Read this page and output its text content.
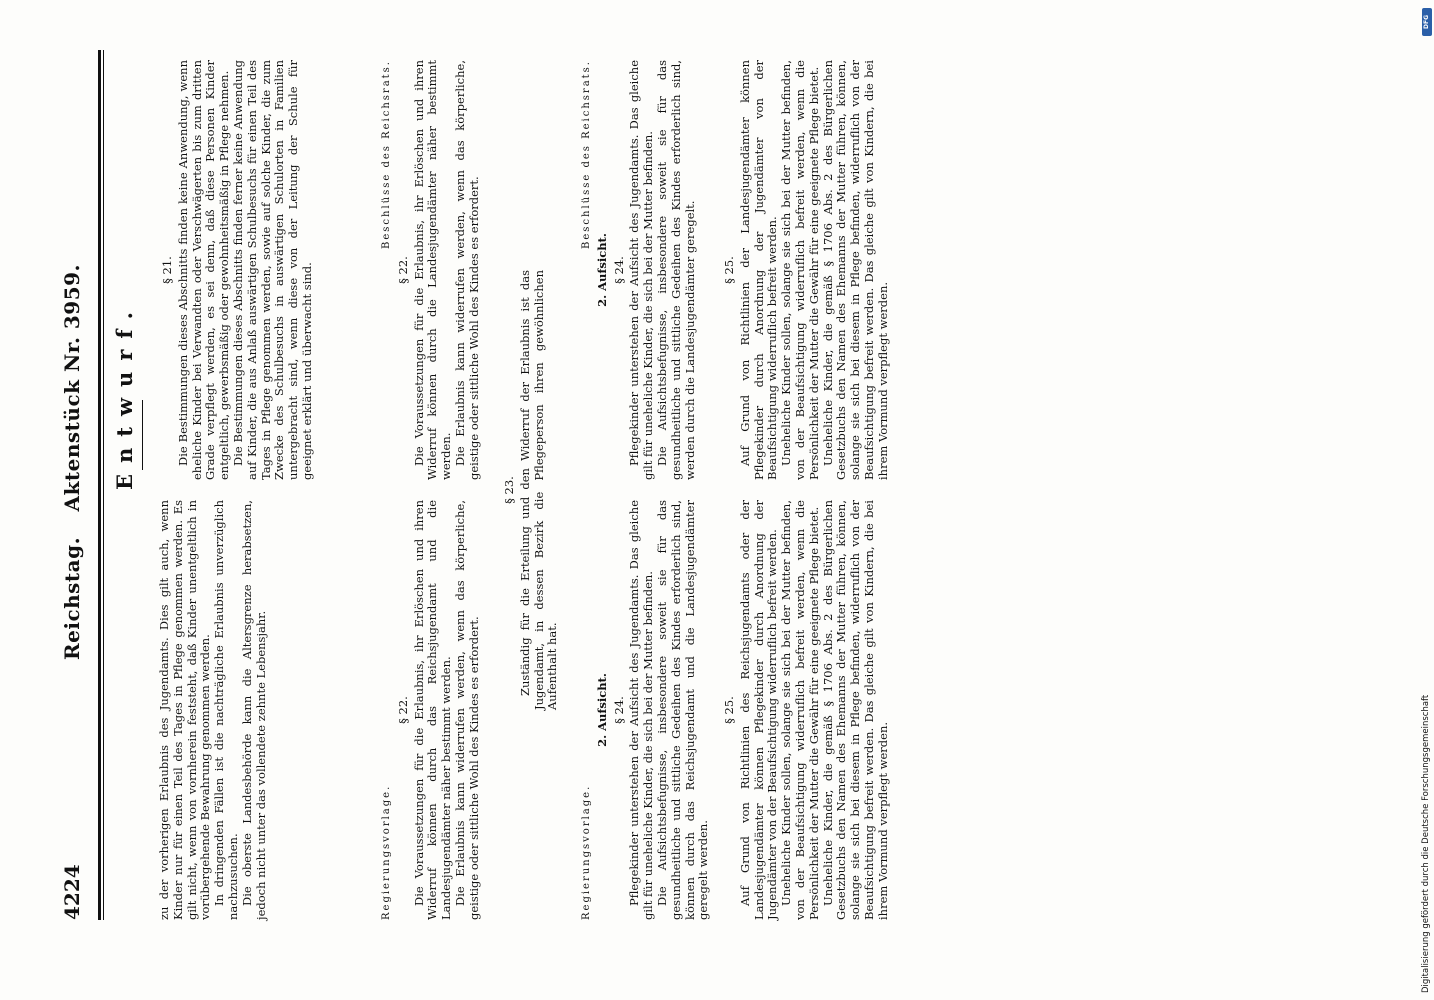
4224
Reichstag. Aktenstück Nr. 3959. Entwurf.

zu der vorherigen Erlaubnis des Jugendamts. Dies gilt auch, wenn Kinder nur für einen Teil des Tages in Pflege genommen werden. Es gilt nicht, wenn von vornherein feststeht, daß Kinder unentgeltlich in vorübergehende Bewahrung genommen werden. In dringenden Fällen ist die nachträgliche Erlaubnis unverzüglich nachzusuchen. Die oberste Landesbehörde kann die Altersgrenze herabsetzen, jedoch nicht unter das vollendete zehnte Lebensjahr.

§ 21. Die Bestimmungen dieses Abschnitts finden keine Anwendung, wenn eheliche Kinder bei Verwandten oder Verschwägerten bis zum dritten Grade verpflegt werden, es sei denn, daß diese Personen Kinder entgeltlich, gewerbsmäßig oder gewohnheitsmäßig in Pflege nehmen. Die Bestimmungen dieses Abschnitts finden ferner keine Anwendung auf Kinder, die aus Anlaß auswärtigen Schulbesuchs für einen Teil des Tages in Pflege genommen werden, sowie auf solche Kinder, die zum Zwecke des Schulbesuchs in auswärtigen Schulorten in Familien untergebracht sind, wenn diese von der Leitung der Schule für geeignet erklärt und überwacht sind.

Regierungsvorlage.
§ 22. Die Voraussetzungen für die Erlaubnis, ihr Erlöschen und ihren Widerruf können durch das Reichsjugendamt und die Landesjugendämter näher bestimmt werden. Die Erlaubnis kann widerrufen werden, wenn das körperliche, geistige oder sittliche Wohl des Kindes es erfordert.

Beschlüsse des Reichsrats.
§ 22. Die Voraussetzungen für die Erlaubnis, ihr Erlöschen und ihren Widerruf können durch die Landesjugendämter näher bestimmt werden. Die Erlaubnis kann widerrufen werden, wenn das körperliche, geistige oder sittliche Wohl des Kindes es erfordert.

§ 23. Zuständig für die Erteilung und den Widerruf der Erlaubnis ist das Jugendamt, in dessen Bezirk die Pflegeperson ihren gewöhnlichen Aufenthalt hat.

Regierungsvorlage.
2. Aufsicht. § 24. Pflegekinder unterstehen der Aufsicht des Jugendamts. Das gleiche gilt für uneheliche Kinder, die sich bei der Mutter befinden. Die Aufsichtsbefugnisse, insbesondere soweit sie für das gesundheitliche und sittliche Gedeihen des Kindes erforderlich sind, können durch das Reichsjugendamt und die Landesjugendämter geregelt werden.

Beschlüsse des Reichsrats.
2. Aufsicht. § 24. Pflegekinder unterstehen der Aufsicht des Jugendamts. Das gleiche gilt für uneheliche Kinder, die sich bei der Mutter befinden. Die Aufsichtsbefugnisse, insbesondere soweit sie für das gesundheitliche und sittliche Gedeihen des Kindes erforderlich sind, werden durch die Landesjugendämter geregelt.

§ 25. Auf Grund von Richtlinien des Reichsjugendamts oder der Landesjugendämter können Pflegekinder durch Anordnung der Jugendämter von der Beaufsichtigung widerruflich befreit werden. Uneheliche Kinder sollen, solange sie sich bei der Mutter befinden, von der Beaufsichtigung widerruflich befreit werden, wenn die Persönlichkeit der Mutter die Gewähr für eine geeignete Pflege bietet. Uneheliche Kinder, die gemäß § 1706 Abs. 2 des Bürgerlichen Gesetzbuchs den Namen des Ehemanns der Mutter führen, können, solange sie sich bei diesem in Pflege befinden, widerruflich von der Beaufsichtigung befreit werden. Das gleiche gilt von Kindern, die bei ihrem Vormund verpflegt werden.

§ 25. Auf Grund von Richtlinien der Landesjugendämter können Pflegekinder durch Anordnung der Jugendämter von der Beaufsichtigung widerruflich befreit werden. Uneheliche Kinder sollen, solange sie sich bei der Mutter befinden, von der Beaufsichtigung widerruflich befreit werden, wenn die Persönlichkeit der Mutter die Gewähr für eine geeignete Pflege bietet. Uneheliche Kinder, die gemäß § 1706 Abs. 2 des Bürgerlichen Gesetzbuchs den Namen des Ehemanns der Mutter führen, können, solange sie sich bei diesem in Pflege befinden, widerruflich von der Beaufsichtigung befreit werden. Das gleiche gilt von Kindern, die bei ihrem Vormund verpflegt werden.

DFG
Digitalisierung gefördert durch die Deutsche Forschungsgemeinschaft
